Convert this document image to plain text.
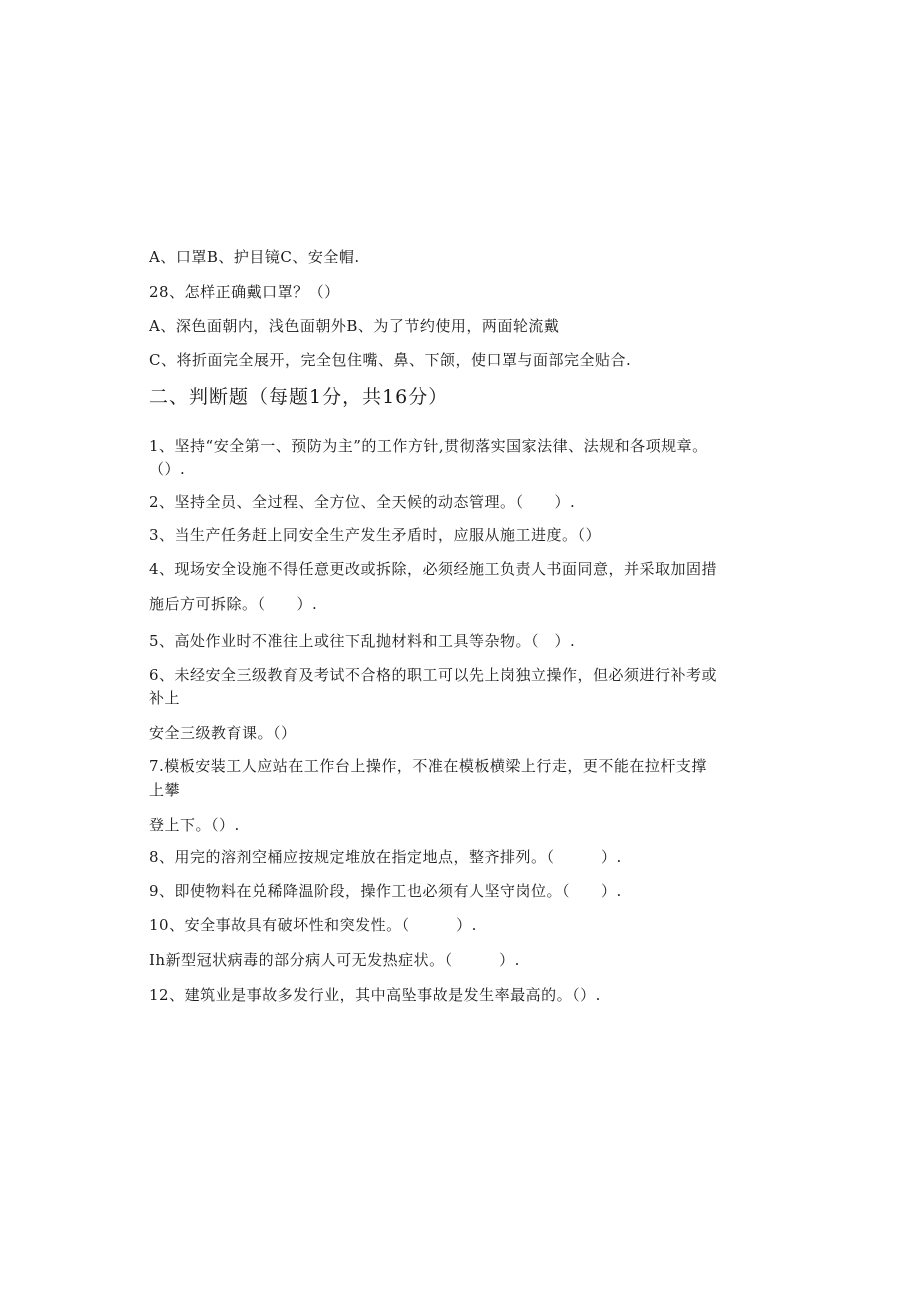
A、口罩B、护目镜C、安全帽.
28、怎样正确戴口罩？（）
A、深色面朝内，浅色面朝外B、为了节约使用，两面轮流戴
C、将折面完全展开，完全包住嘴、鼻、下颌，使口罩与面部完全贴合.
二、判断题（每题1分，共16分）
1、坚持“安全第一、预防为主”的工作方针,贯彻落实国家法律、法规和各项规章。
（）.
2、坚持全员、全过程、全方位、全天候的动态管理。（　　）.
3、当生产任务赶上同安全生产发生矛盾时，应服从施工进度。（）
4、现场安全设施不得任意更改或拆除，必须经施工负责人书面同意，并采取加固措
施后方可拆除。（　　）.
5、高处作业时不准往上或往下乱抛材料和工具等杂物。（　）.
6、未经安全三级教育及考试不合格的职工可以先上岗独立操作，但必须进行补考或
补上
安全三级教育课。（）
7.模板安装工人应站在工作台上操作，不准在模板横梁上行走，更不能在拉杆支撑
上攀
登上下。（）.
8、用完的溶剂空桶应按规定堆放在指定地点，整齐排列。（　　　）.
9、即使物料在兑稀降温阶段，操作工也必须有人坚守岗位。（　　）.
10、安全事故具有破坏性和突发性。（　　　）.
Ih新型冠状病毒的部分病人可无发热症状。（　　　）.
12、建筑业是事故多发行业，其中高坠事故是发生率最高的。（）.
